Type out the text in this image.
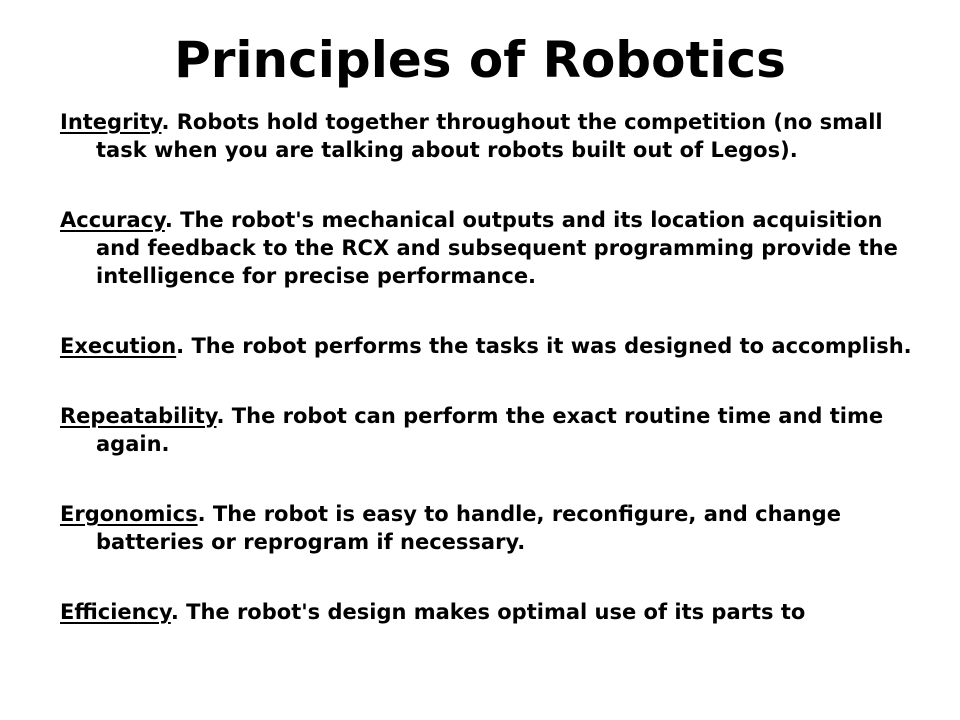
Principles of Robotics
Integrity. Robots hold together throughout the competition (no small task when you are talking about robots built out of Legos).
Accuracy. The robot's mechanical outputs and its location acquisition and feedback to the RCX and subsequent programming provide the intelligence for precise performance.
Execution. The robot performs the tasks it was designed to accomplish.
Repeatability. The robot can perform the exact routine time and time again.
Ergonomics. The robot is easy to handle, reconfigure, and change batteries or reprogram if necessary.
Efficiency. The robot's design makes optimal use of its parts to
